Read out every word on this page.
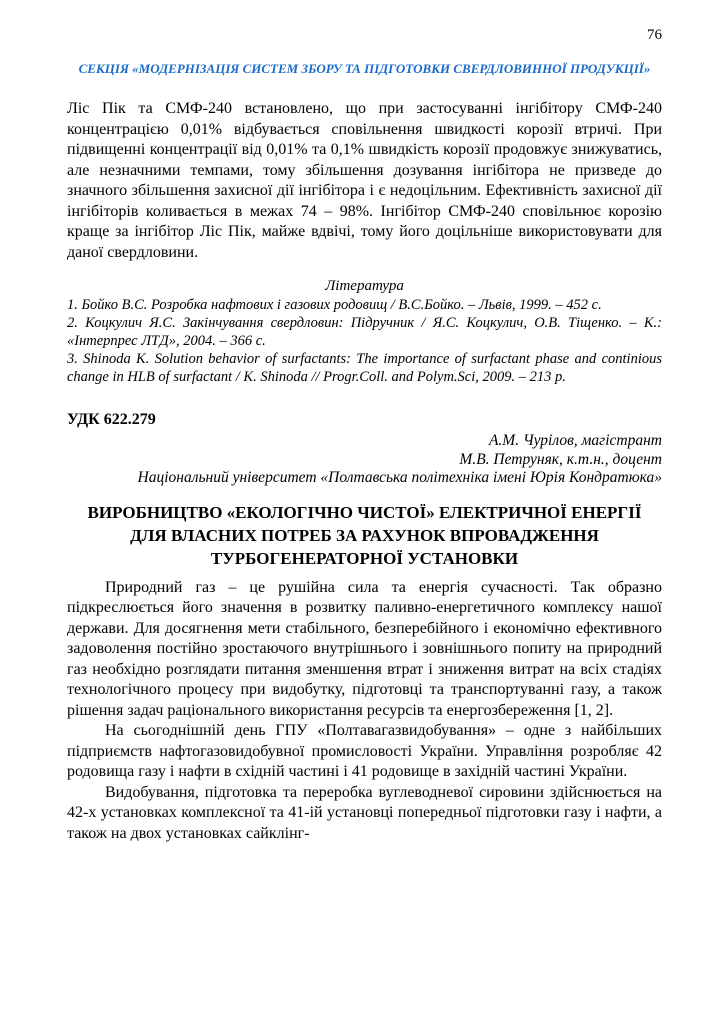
76
СЕКЦІЯ «МОДЕРНІЗАЦІЯ СИСТЕМ ЗБОРУ ТА ПІДГОТОВКИ СВЕРДЛОВИННОЇ ПРОДУКЦІЇ»

Ліс Пік та СМФ-240 встановлено, що при застосуванні інгібітору СМФ-240 концентрацією 0,01% відбувається сповільнення швидкості корозії втричі. При підвищенні концентрації від 0,01% та 0,1% швидкість корозії продовжує знижуватись, але незначними темпами, тому збільшення дозування інгібітора не призведе до значного збільшення захисної дії інгібітора і є недоцільним. Ефективність захисної дії інгібіторів коливається в межах 74 – 98%. Інгібітор СМФ-240 сповільнює корозію краще за інгібітор Ліс Пік, майже вдвічі, тому його доцільніше використовувати для даної свердловини.

Література

1. Бойко В.С. Розробка нафтових і газових родовищ / В.С.Бойко. – Львів, 1999. – 452 с.

2. Коцкулич Я.С. Закінчування свердловин: Підручник / Я.С. Коцкулич, О.В. Тіщенко. – К.: «Інтерпрес ЛТД», 2004. – 366 с.

3. Shinoda K. Solution behavior of surfactants: The importance of surfactant phase and continious change in HLB of surfactant / K. Shinoda // Progr.Coll. and Polym.Sci, 2009. – 213 p.

УДК 622.279

А.М. Чурілов, магістрант

М.В. Петруняк, к.т.н., доцент

Національний університет «Полтавська політехніка імені Юрія Кондратюка»

ВИРОБНИЦТВО «ЕКОЛОГІЧНО ЧИСТОЇ» ЕЛЕКТРИЧНОЇ ЕНЕРГІЇ ДЛЯ ВЛАСНИХ ПОТРЕБ ЗА РАХУНОК ВПРОВАДЖЕННЯ ТУРБОГЕНЕРАТОРНОЇ УСТАНОВКИ

Природний газ – це рушійна сила та енергія сучасності. Так образно підкреслюється його значення в розвитку паливно-енергетичного комплексу нашої держави. Для досягнення мети стабільного, безперебійного і економічно ефективного задоволення постійно зростаючого внутрішнього і зовнішнього попиту на природний газ необхідно розглядати питання зменшення втрат і зниження витрат на всіх стадіях технологічного процесу при видобутку, підготовці та транспортуванні газу, а також рішення задач раціонального використання ресурсів та енергозбереження [1, 2].

На сьогоднішній день ГПУ «Полтавагазвидобування» – одне з найбільших підприємств нафтогазовидобувної промисловості України. Управління розробляє 42 родовища газу і нафти в східній частині і 41 родовище в західній частині України.

Видобування, підготовка та переробка вуглеводневої сировини здійснюється на 42-х установках комплексної та 41-ій установці попередньої підготовки газу і нафти, а також на двох установках сайклінг-
